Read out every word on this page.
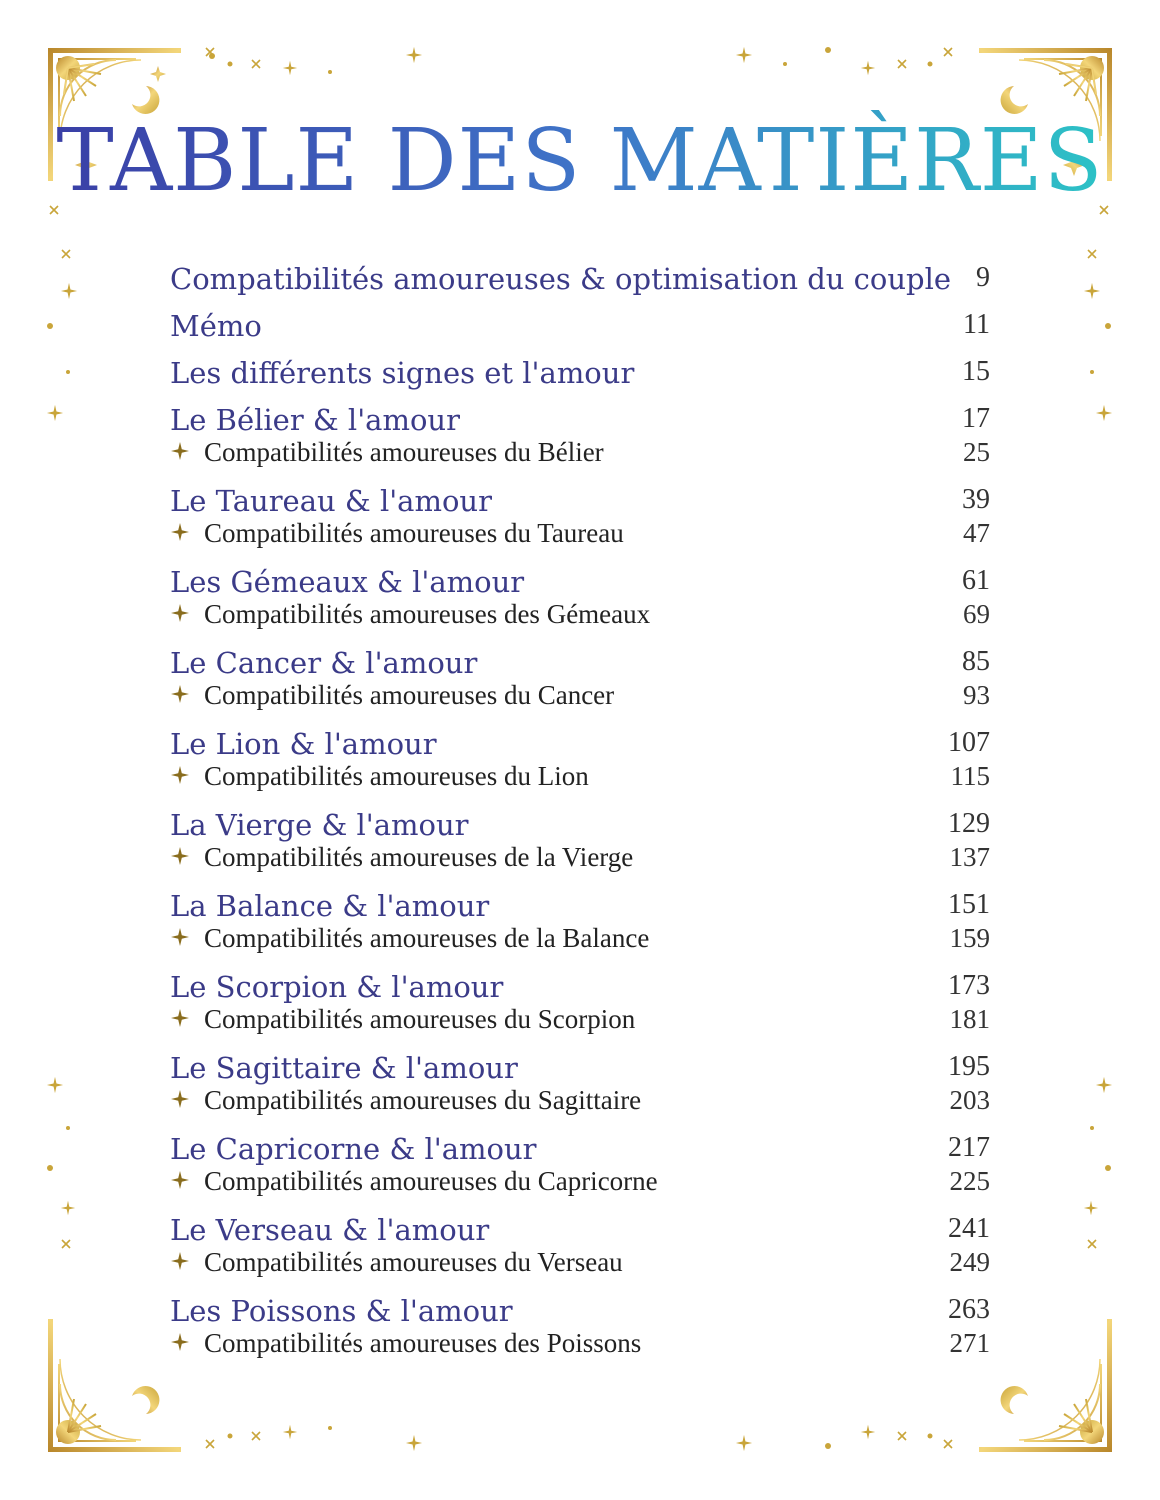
TABLE DES MATIÈRES
Compatibilités amoureuses & optimisation du couple 9
Mémo	11
Les différents signes et l'amour	15
Le Bélier & l'amour	17
Compatibilités amoureuses du Bélier	25
Le Taureau & l'amour	39
Compatibilités amoureuses du Taureau	47
Les Gémeaux & l'amour	61
Compatibilités amoureuses des Gémeaux	69
Le Cancer & l'amour	85
Compatibilités amoureuses du Cancer	93
Le Lion & l'amour	107
Compatibilités amoureuses du Lion	115
La Vierge & l'amour	129
Compatibilités amoureuses de la Vierge	137
La Balance & l'amour	151
Compatibilités amoureuses de la Balance	159
Le Scorpion & l'amour	173
Compatibilités amoureuses du Scorpion	181
Le Sagittaire & l'amour	195
Compatibilités amoureuses du Sagittaire	203
Le Capricorne & l'amour	217
Compatibilités amoureuses du Capricorne	225
Le Verseau & l'amour	241
Compatibilités amoureuses du Verseau	249
Les Poissons & l'amour	263
Compatibilités amoureuses des Poissons	271
